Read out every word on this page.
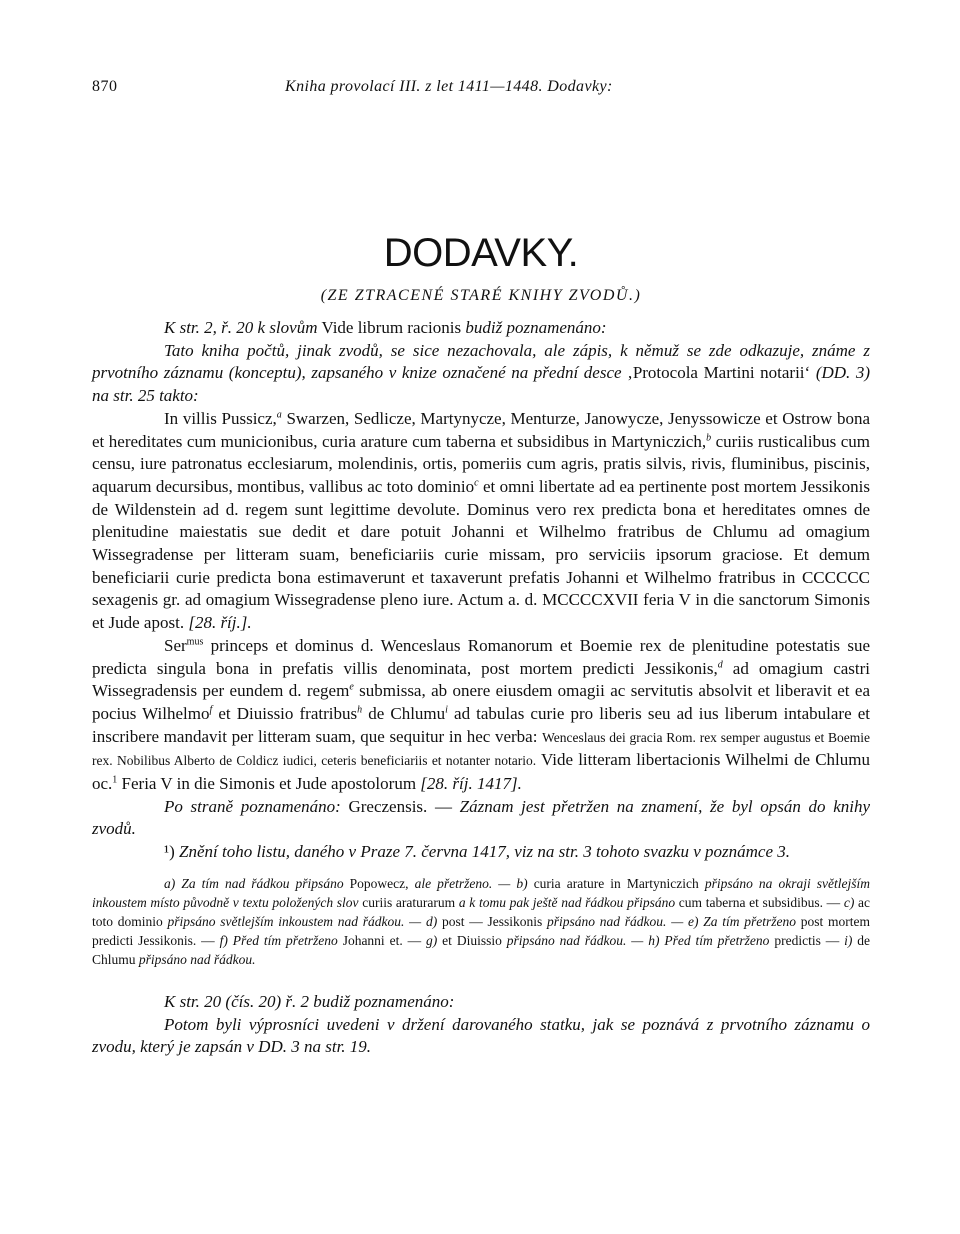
870	Kniha provolací III. z let 1411—1448. Dodavky:
DODAVKY.
(ZE ZTRACENÉ STARÉ KNIHY ZVODŮ.)

K str. 2, ř. 20 k slovům Vide librum racionis budiž poznamenáno:

Tato kniha počtů, jinak zvodů, se sice nezachovala, ale zápis, k němuž se zde odkazuje, známe z prvotního záznamu (konceptu), zapsaného v knize označené na přední desce ‚Protocola Martini notarii‘ (DD. 3) na str. 25 takto:

In villis Pussicz,$^a$ Swarzen, Sedlicze, Martynycze, Menturze, Janowycze, Jenyssowicze et Ostrow bona et hereditates cum municionibus, curia arature cum taberna et subsidibus in Martyniczich,$^b$ curiis rusticalibus cum censu, iure patronatus ecclesiarum, molendinis, ortis, pomeriis cum agris, pratis silvis, rivis, fluminibus, piscinis, aquarum decursibus, montibus, vallibus ac toto dominio$^c$ et omni libertate ad ea pertinente post mortem Jessikonis de Wildenstein ad d. regem sunt legittime devolute. Dominus vero rex predicta bona et hereditates omnes de plenitudine maiestatis sue dedit et dare potuit Johanni et Wilhelmo fratribus de Chlumu ad omagium Wissegradense per litteram suam, beneficiariis curie missam, pro serviciis ipsorum graciose. Et demum beneficiarii curie predicta bona estimaverunt et taxaverunt prefatis Johanni et Wilhelmo fratribus in CCCCCC sexagenis gr. ad omagium Wissegradense pleno iure. Actum a. d. MCCCCXVII feria V in die sanctorum Simonis et Jude apost. [28. říj.].

Ser$^{mus}$ princeps et dominus d. Wenceslaus Romanorum et Boemie rex de plenitudine potestatis sue predicta singula bona in prefatis villis denominata, post mortem predicti Jessikonis,$^d$ ad omagium castri Wissegradensis per eundem d. regem$^e$ submissa, ab onere eiusdem omagii ac servitutis absolvit et liberavit et ea pocius Wilhelmo$^f$ et Diuissio fratribus$^h$ de Chlumu$^i$ ad tabulas curie pro liberis seu ad ius liberum intabulare et inscribere mandavit per litteram suam, que sequitur in hec verba: Wenceslaus dei gracia Rom. rex semper augustus et Boemie rex. Nobilibus Alberto de Coldicz iudici, ceteris beneficiariis et notanter notario. Vide litteram libertacionis Wilhelmi de Chlumu oc.$^1$ Feria V in die Simonis et Jude apostolorum [28. říj. 1417].

Po straně poznamenáno: Greczensis. — Záznam jest přetržen na znamení, že byl opsán do knihy zvodů.

¹) Znění toho listu, daného v Praze 7. června 1417, viz na str. 3 tohoto svazku v poznámce 3.

a) Za tím nad řádkou připsáno Popowecz, ale přetrženo. — b) curia arature in Martyniczich připsáno na okraji světlejším inkoustem místo původně v textu položených slov curiis araturarum a k tomu pak ještě nad řádkou připsáno cum taberna et subsidibus. — c) ac toto dominio připsáno světlejším inkoustem nad řádkou. — d) post — Jessikonis připsáno nad řádkou. — e) Za tím přetrženo post mortem predicti Jessikonis. — f) Před tím přetrženo Johanni et. — g) et Diuissio připsáno nad řádkou. — h) Před tím přetrženo predictis — i) de Chlumu připsáno nad řádkou.

K str. 20 (čís. 20) ř. 2 budiž poznamenáno:

Potom byli výprosníci uvedeni v držení darovaného statku, jak se poznává z prvotního záznamu o zvodu, který je zapsán v DD. 3 na str. 19.
